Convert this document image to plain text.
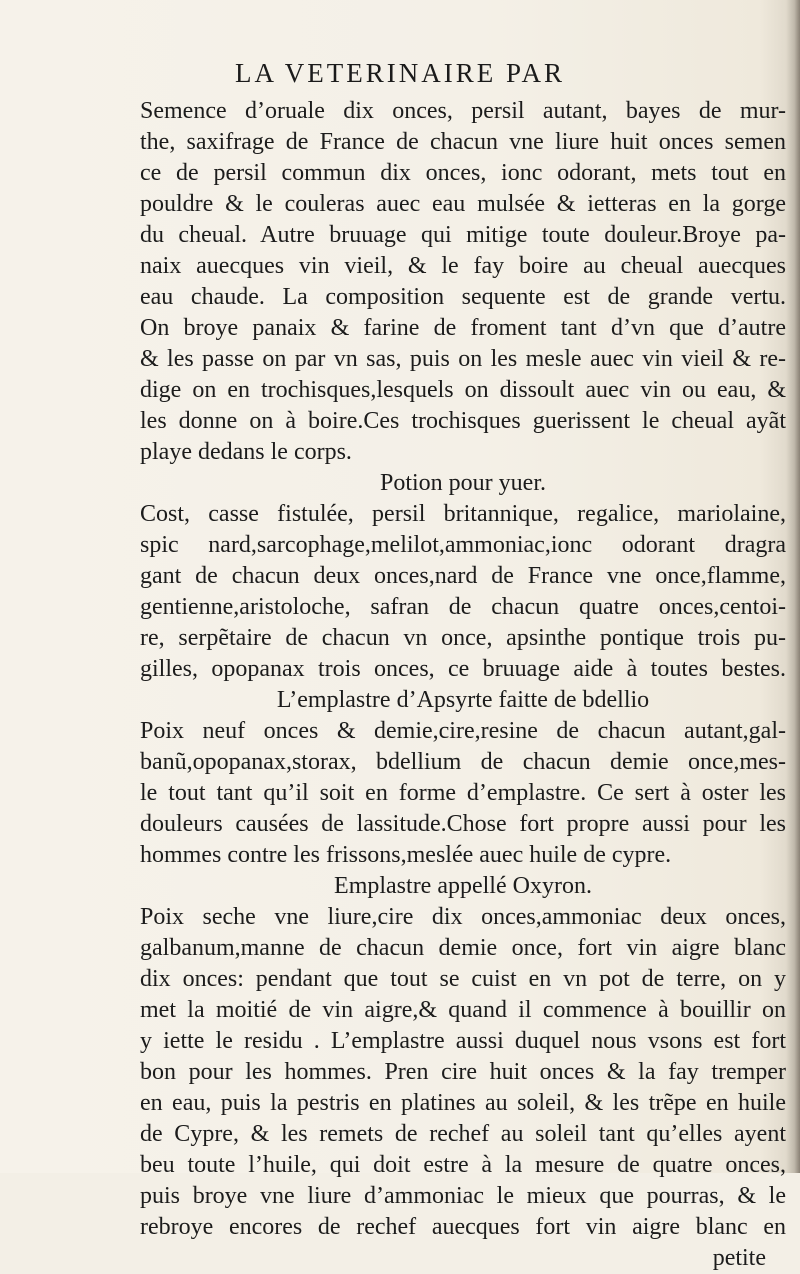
LA VETERINAIRE PAR
Semence d’oruale dix onces, persil autant, bayes de mur-
the, saxifrage de France de chacun vne liure huit onces semen
ce de persil commun dix onces, ionc odorant, mets tout en
pouldre & le couleras auec eau mulsée & ietteras en la gorge
du cheual. Autre bruuage qui mitige toute douleur.Broye pa-
naix auecques vin vieil, & le fay boire au cheual auecques
eau chaude. La composition sequente est de grande vertu.
On broye panaix & farine de froment tant d’vn que d’autre
& les passe on par vn sas, puis on les mesle auec vin vieil & re-
dige on en trochisques,lesquels on dissoult auec vin ou eau, &
les donne on à boire.Ces trochisques guerissent le cheual ayãt
playe dedans le corps.
Potion pour yuer.
Cost, casse fistulée, persil britannique, regalice, mariolaine,
spic nard,sarcophage,melilot,ammoniac,ionc odorant dragra
gant de chacun deux onces,nard de France vne once,flamme,
gentienne,aristoloche, safran de chacun quatre onces,centoi-
re, serpẽtaire de chacun vn once, apsinthe pontique trois pu-
gilles, opopanax trois onces, ce bruuage aide à toutes bestes.
L’emplastre d’Apsyrte faitte de bdellio
Poix neuf onces & demie,cire,resine de chacun autant,gal-
banũ,opopanax,storax, bdellium de chacun demie once,mes-
le tout tant qu’il soit en forme d’emplastre. Ce sert à oster les
douleurs causées de lassitude.Chose fort propre aussi pour les
hommes contre les frissons,meslée auec huile de cypre.
Emplastre appellé Oxyron.
Poix seche vne liure,cire dix onces,ammoniac deux onces,
galbanum,manne de chacun demie once, fort vin aigre blanc
dix onces: pendant que tout se cuist en vn pot de terre, on y
met la moitié de vin aigre,& quand il commence à bouillir on
y iette le residu . L’emplastre aussi duquel nous vsons est fort
bon pour les hommes. Pren cire huit onces & la fay tremper
en eau, puis la pestris en platines au soleil, & les trẽpe en huile
de Cypre, & les remets de rechef au soleil tant qu’elles ayent
beu toute l’huile, qui doit estre à la mesure de quatre onces,
puis broye vne liure d’ammoniac le mieux que pourras, & le
rebroye encores de rechef auecques fort vin aigre blanc en
petite
